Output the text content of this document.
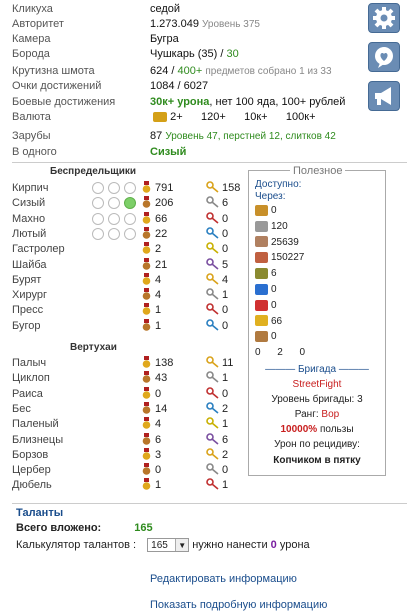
Кликуха	седой
Авторитет	1.273.049 Уровень 375
Камера	Бугра
Борода	Чушкарь (35) / 30
Крутизна шмота	624 / 400+ предметов собрано 1 из 33
Очки достижений	1084 / 6027
Боевые достижения	30к+ урона, нет 100 яда, 100+ рублей
Валюта	2+      120+      10к+      100к+
Зарубы	87 Уровень 47, перстней 12, слитков 42
В одного	Сизый
Беспредельщики
Кирпич	791	158
Сизый	206	6
Махно	66	0
Лютый	22	0
Гастролер	2	0
Шайба	21	5
Бурят	4	4
Хирург	4	1
Пресс	1	0
Бугор	1	0
Вертухаи
Палыч	138	11
Циклоп	43	1
Раиса	0	0
Бес	14	2
Паленый	4	1
Близнецы	6	6
Борзов	3	2
Цербер	0	0
Дюбель	1	1
Полезное
Доступно:
Через:
0
120
25639
150227
6
0
0
66
0
0      2      0
——— Бригада ———
StreetFight
Уровень бригады: 3
Ранг: Вор
10000% пользы
Урон по рецидиву:
Копчиком в пятку
Таланты
Всего вложено:	165
Калькулятор талантов : 165	▼ нужно нанести 0 урона
Редактировать информацию
Показать подробную информацию
